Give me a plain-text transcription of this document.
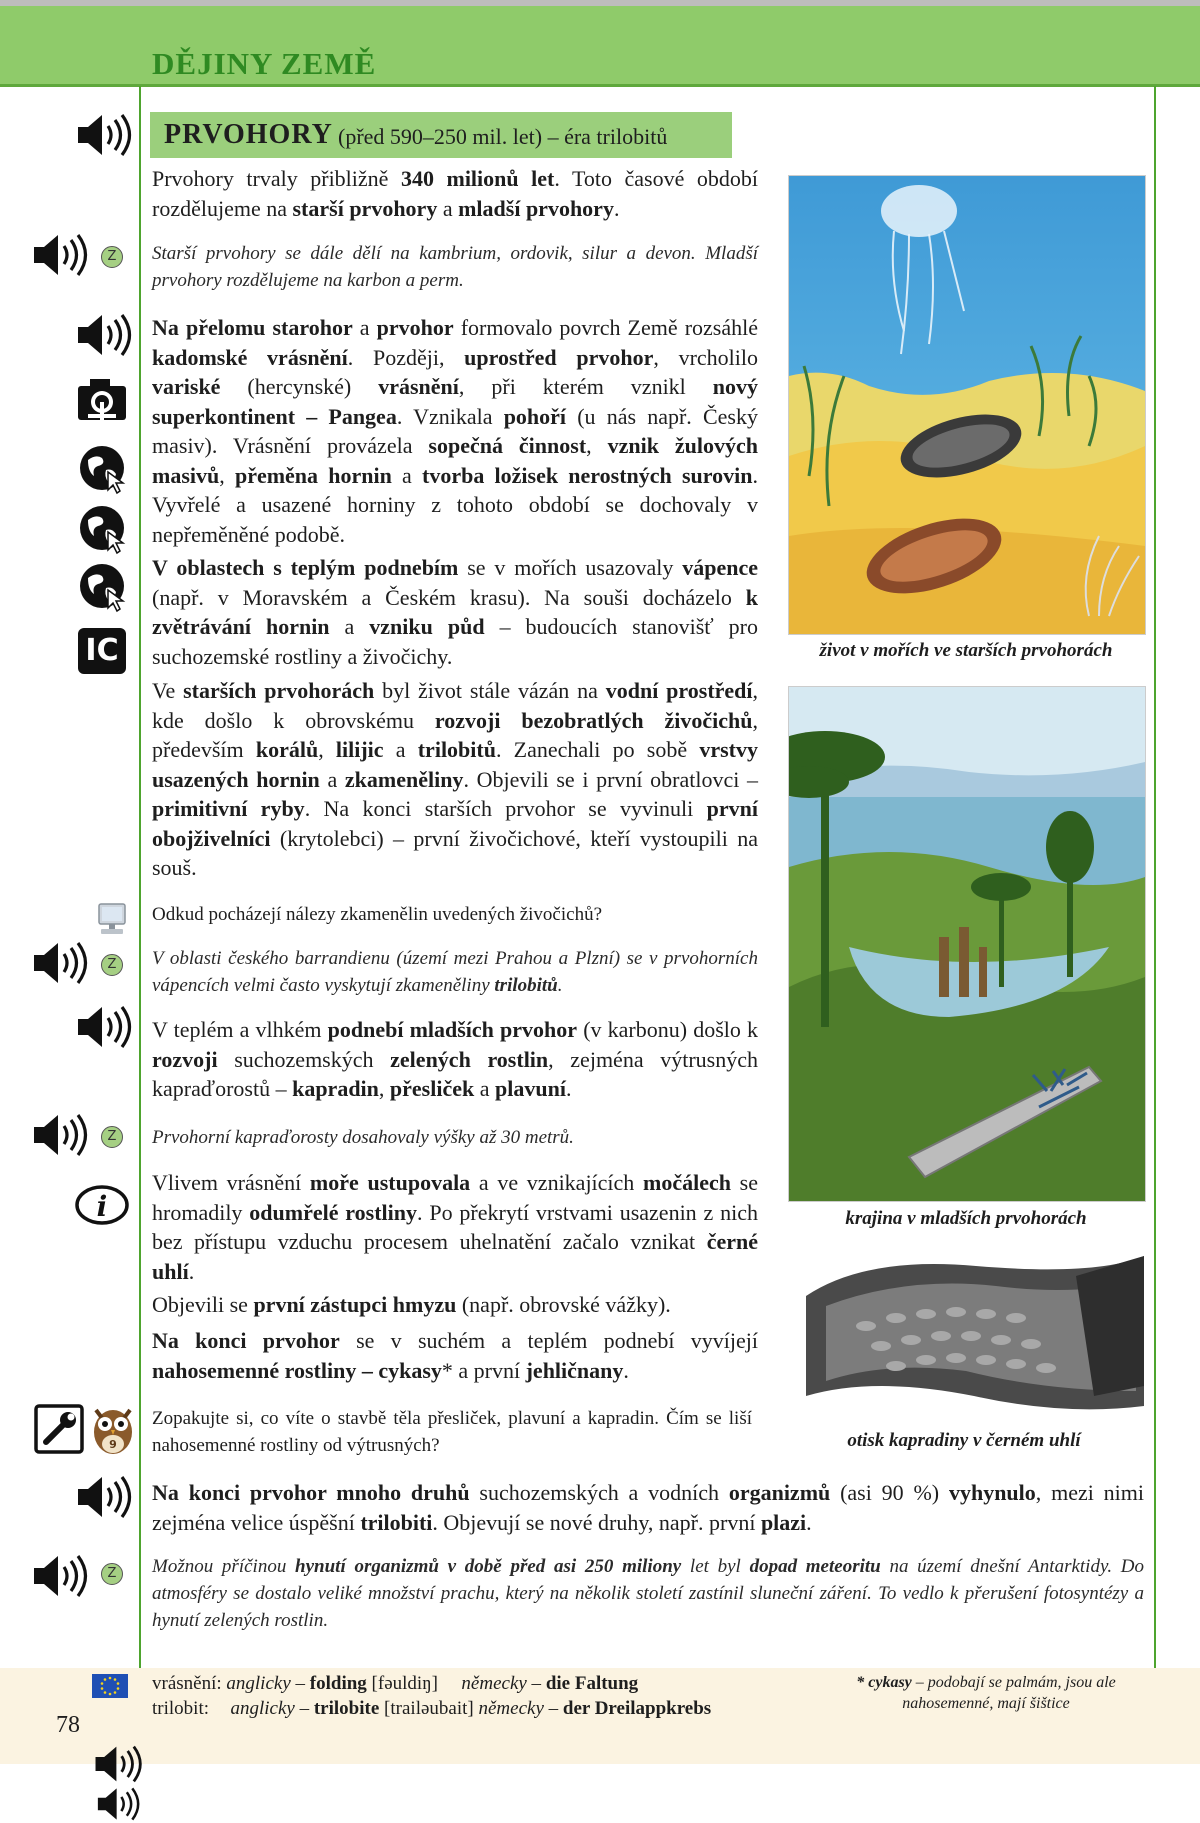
DĚJINY ZEMĚ
PRVOHORY (před 590–250 mil. let) – éra trilobitů
Z
IC
Z
Z
i
9
Z
Prvohory trvaly přibližně 340 milionů let. Toto časové období rozdělujeme na starší prvohory a mladší prvohory.
Starší prvohory se dále dělí na kambrium, ordovik, silur a devon. Mladší prvohory rozdělujeme na karbon a perm.
Na přelomu starohor a prvohor formovalo povrch Země rozsáhlé kadomské vrásnění. Později, uprostřed prvohor, vrcholilo variské (hercynské) vrásnění, při kterém vznikl nový superkontinent – Pangea. Vznikala pohoří (u nás např. Český masiv). Vrásnění provázela sopečná činnost, vznik žulových masivů, přeměna hornin a tvorba ložisek nerostných surovin. Vyvřelé a usazené horniny z tohoto období se dochovaly v nepřeměněné podobě.
V oblastech s teplým podnebím se v mořích usazovaly vápence (např. v Moravském a Českém krasu). Na souši docházelo k zvětrávání hornin a vzniku půd – budoucích stanovišť pro suchozemské rostliny a živočichy.
Ve starších prvohorách byl život stále vázán na vodní prostředí, kde došlo k obrovskému rozvoji bezobratlých živočichů, především korálů, lilijic a trilobitů. Zanechali po sobě vrstvy usazených hornin a zkameněliny. Objevili se i první obratlovci – primitivní ryby. Na konci starších prvohor se vyvinuli první obojživelníci (krytolebci) – první živočichové, kteří vystoupili na souš.
Odkud pocházejí nálezy zkamenělin uvedených živočichů?
V oblasti českého barrandienu (území mezi Prahou a Plzní) se v prvohorních vápencích velmi často vyskytují zkameněliny trilobitů.
V teplém a vlhkém podnebí mladších prvohor (v karbonu) došlo k rozvoji suchozemských zelených rostlin, zejména výtrusných kapraďorostů – kapradin, přesliček a plavuní.
Prvohorní kapraďorosty dosahovaly výšky až 30 metrů.
Vlivem vrásnění moře ustupovala a ve vznikajících močálech se hromadily odumřelé rostliny. Po překrytí vrstvami usazenin z nich bez přístupu vzduchu procesem uhelnatění začalo vznikat černé uhlí.
Objevili se první zástupci hmyzu (např. obrovské vážky).
Na konci prvohor se v suchém a teplém podnebí vyvíjejí nahosemenné rostliny – cykasy* a první jehličnany.
Zopakujte si, co víte o stavbě těla přesliček, plavuní a kapradin. Čím se liší nahosemenné rostliny od výtrusných?
Na konci prvohor mnoho druhů suchozemských a vodních organizmů (asi 90 %) vyhynulo, mezi nimi zejména velice úspěšní trilobiti. Objevují se nové druhy, např. první plazi.
Možnou příčinou hynutí organizmů v době před asi 250 miliony let byl dopad meteoritu na území dnešní Antarktidy. Do atmosféry se dostalo veliké množství prachu, který na několik století zastínil sluneční záření. To vedlo k přerušení fotosyntézy a hynutí zelených rostlin.
život v mořích ve starších prvohorách
krajina v mladších prvohorách
otisk kapradiny v černém uhlí
vrásnění: anglicky – folding [fəuldiŋ] německy – die Faltung
trilobit: anglicky – trilobite [trailəubait] německy – der Dreilappkrebs
* cykasy – podobají se palmám, jsou ale nahosemenné, mají šištice
78
